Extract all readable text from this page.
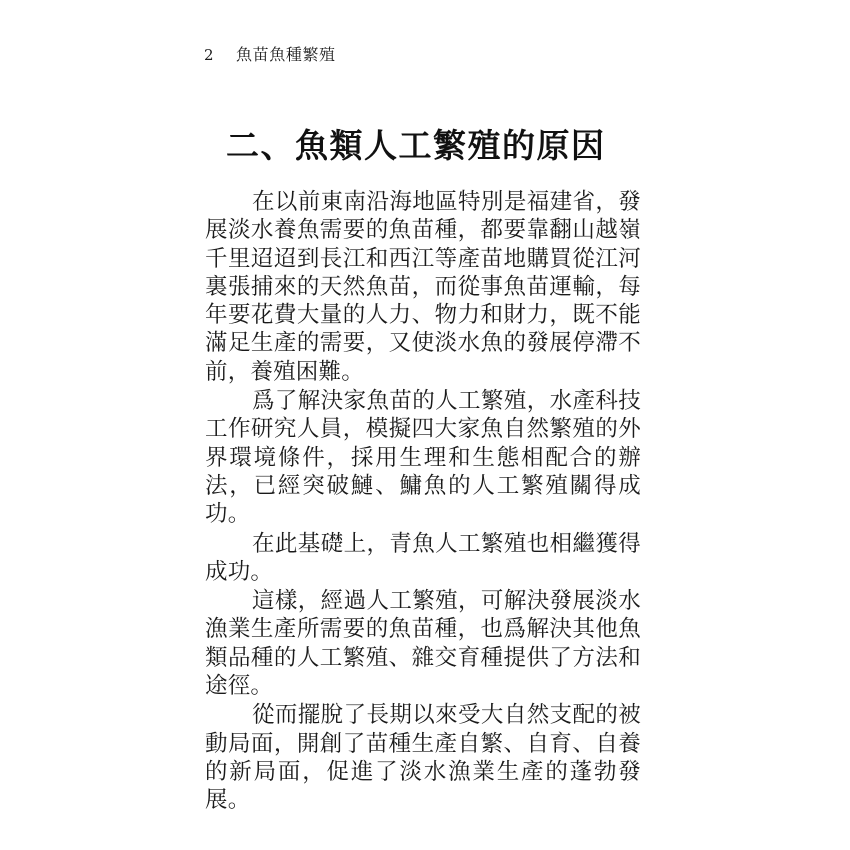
2 魚苗魚種繁殖
二、魚類人工繁殖的原因

在以前東南沿海地區特別是福建省，發展淡水養魚需要的魚苗種，都要靠翻山越嶺千里迢迢到長江和西江等產苗地購買從江河裏張捕來的天然魚苗，而從事魚苗運輸，每年要花費大量的人力、物力和財力，既不能滿足生產的需要，又使淡水魚的發展停滯不前，養殖困難。

爲了解決家魚苗的人工繁殖，水產科技工作研究人員，模擬四大家魚自然繁殖的外界環境條件，採用生理和生態相配合的辦法，已經突破鰱、鱅魚的人工繁殖關得成功。

在此基礎上，青魚人工繁殖也相繼獲得成功。

這樣，經過人工繁殖，可解決發展淡水漁業生產所需要的魚苗種，也爲解決其他魚類品種的人工繁殖、雜交育種提供了方法和途徑。

從而擺脫了長期以來受大自然支配的被動局面，開創了苗種生產自繁、自育、自養的新局面，促進了淡水漁業生產的蓬勃發展。
